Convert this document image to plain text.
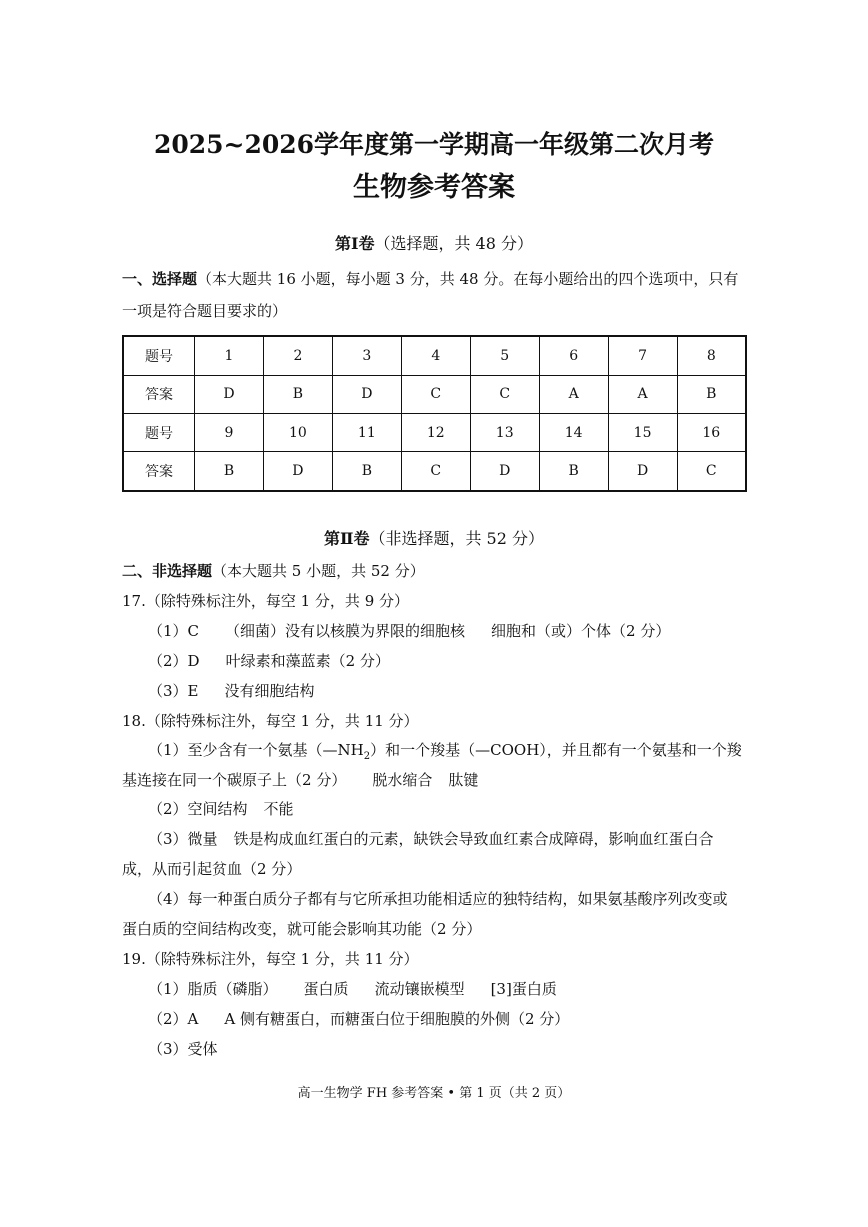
2025~2026学年度第一学期高一年级第二次月考
生物参考答案
第Ⅰ卷（选择题，共 48 分）
一、选择题（本大题共 16 小题，每小题 3 分，共 48 分。在每小题给出的四个选项中，只有
一项是符合题目要求的）
题号	1	2	3	4	5	6	7	8
答案	D	B	D	C	C	A	A	B
题号	9	10	11	12	13	14	15	16
答案	B	D	B	C	D	B	D	C
第Ⅱ卷（非选择题，共 52 分）
二、非选择题（本大题共 5 小题，共 52 分）
17.（除特殊标注外，每空 1 分，共 9 分）
（1）C （细菌）没有以核膜为界限的细胞核 细胞和（或）个体（2 分）
（2）D 叶绿素和藻蓝素（2 分）
（3）E 没有细胞结构
18.（除特殊标注外，每空 1 分，共 11 分）
（1）至少含有一个氨基$(—NH_2)$和一个羧基（—COOH），并且都有一个氨基和一个羧
基连接在同一个碳原子上（2 分） 脱水缩合 肽键
（2）空间结构 不能
（3）微量 铁是构成血红蛋白的元素，缺铁会导致血红素合成障碍，影响血红蛋白合
成，从而引起贫血（2 分）
（4）每一种蛋白质分子都有与它所承担功能相适应的独特结构，如果氨基酸序列改变或
蛋白质的空间结构改变，就可能会影响其功能（2 分）
19.（除特殊标注外，每空 1 分，共 11 分）
（1）脂质（磷脂） 蛋白质 流动镶嵌模型 [3]蛋白质
（2）A A 侧有糖蛋白，而糖蛋白位于细胞膜的外侧（2 分）
（3）受体
高一生物学 FH 参考答案 • 第 1 页（共 2 页）
